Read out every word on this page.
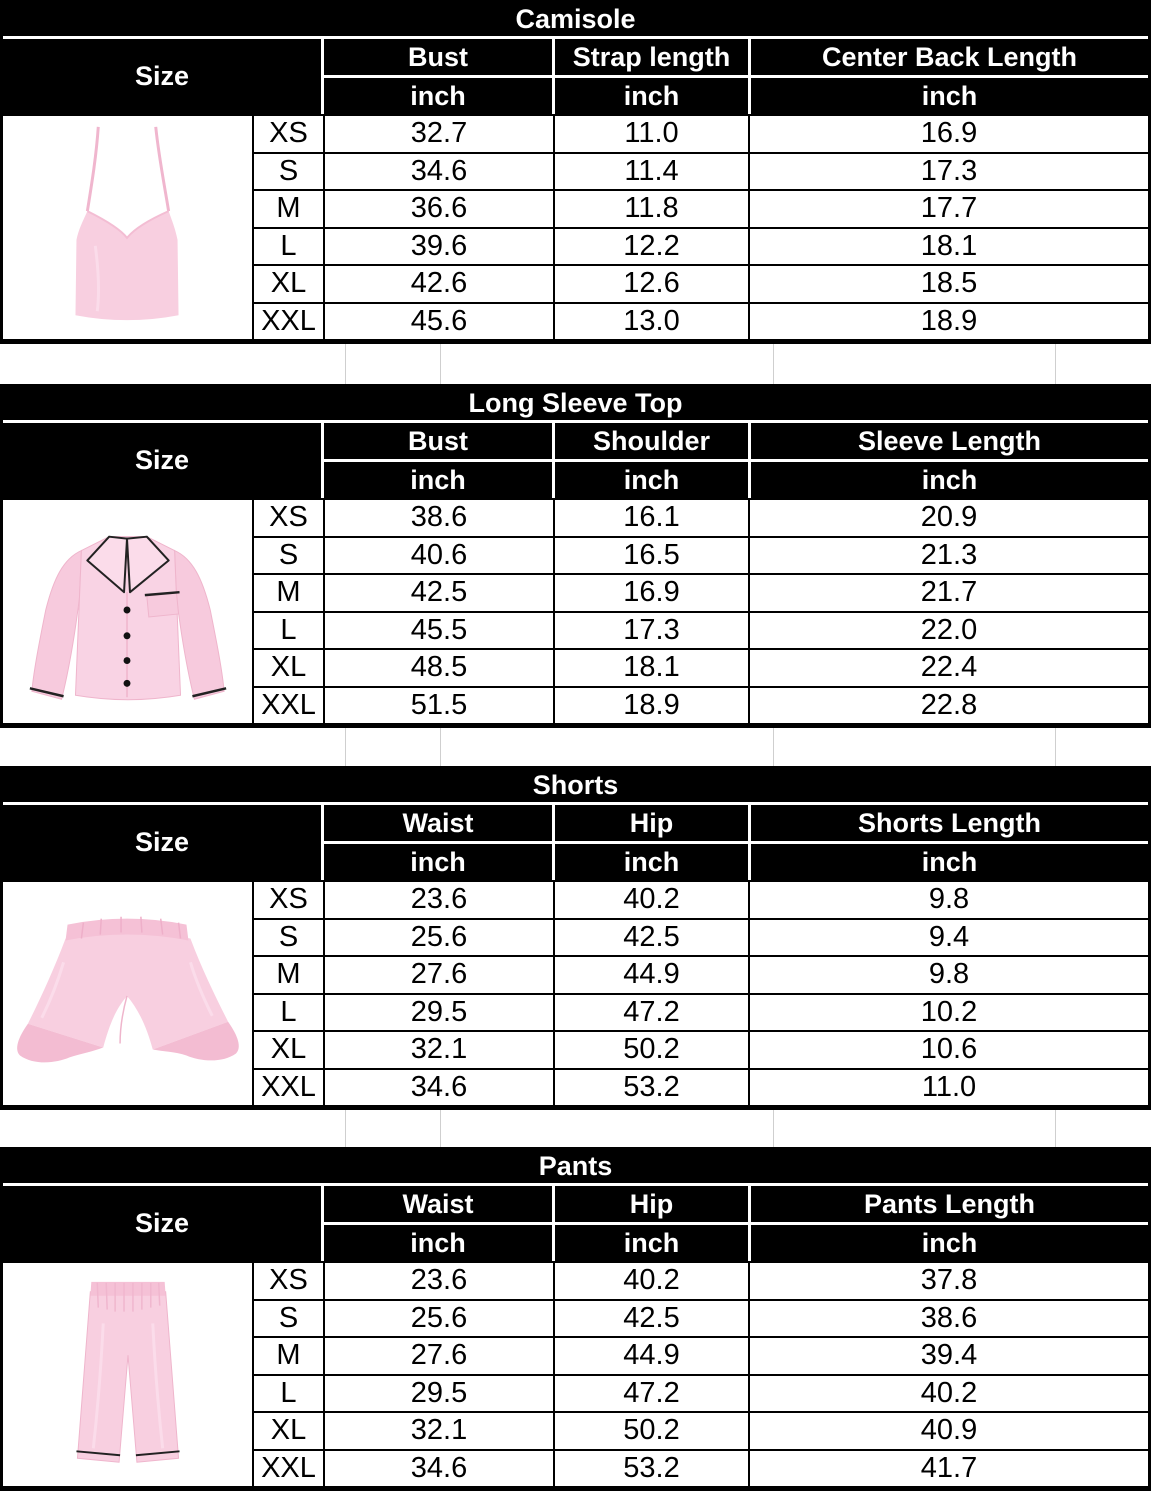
Camisole
Size
Bust	Strap length	Center Back Length
inch	inch	inch
XS	32.7	11.0	16.9
S	34.6	11.4	17.3
M	36.6	11.8	17.7
L	39.6	12.2	18.1
XL	42.6	12.6	18.5
XXL	45.6	13.0	18.9
Long Sleeve Top
Size
Bust	Shoulder	Sleeve Length
inch	inch	inch
XS	38.6	16.1	20.9
S	40.6	16.5	21.3
M	42.5	16.9	21.7
L	45.5	17.3	22.0
XL	48.5	18.1	22.4
XXL	51.5	18.9	22.8
Shorts
Size
Waist	Hip	Shorts Length
inch	inch	inch
XS	23.6	40.2	9.8
S	25.6	42.5	9.4
M	27.6	44.9	9.8
L	29.5	47.2	10.2
XL	32.1	50.2	10.6
XXL	34.6	53.2	11.0
Pants
Size
Waist	Hip	Pants Length
inch	inch	inch
XS	23.6	40.2	37.8
S	25.6	42.5	38.6
M	27.6	44.9	39.4
L	29.5	47.2	40.2
XL	32.1	50.2	40.9
XXL	34.6	53.2	41.7
